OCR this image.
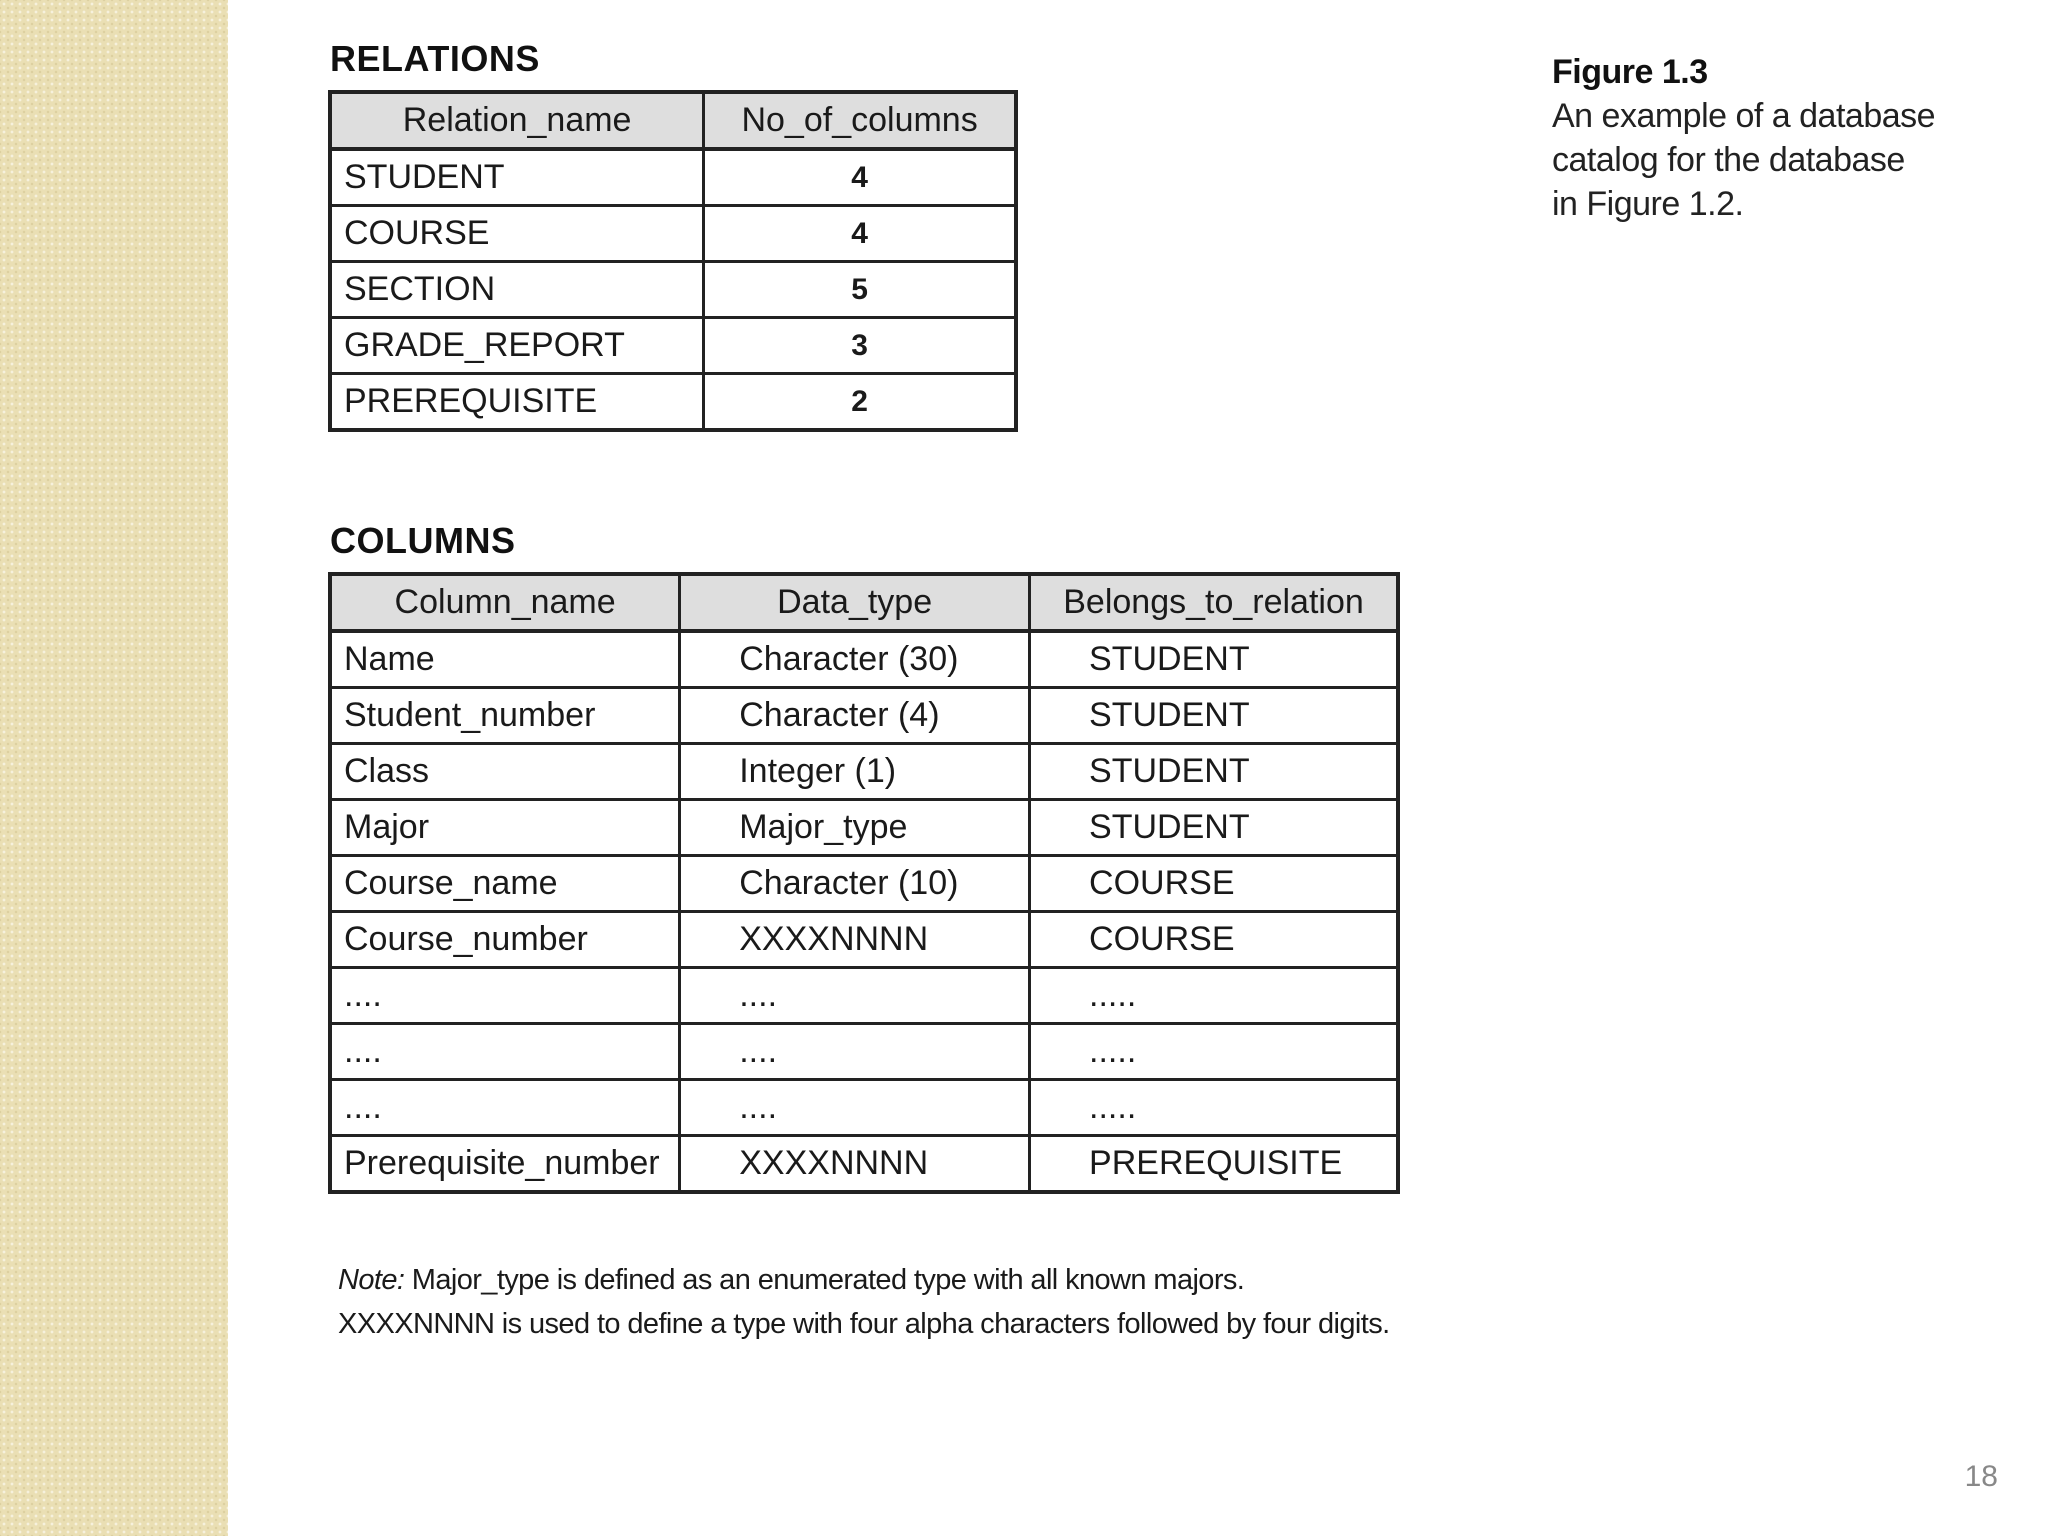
RELATIONS
Relation_name	No_of_columns
STUDENT	4
COURSE	4
SECTION	5
GRADE_REPORT	3
PREREQUISITE	2
COLUMNS
Column_name	Data_type	Belongs_to_relation
Name	Character (30)	STUDENT
Student_number	Character (4)	STUDENT
Class	Integer (1)	STUDENT
Major	Major_type	STUDENT
Course_name	Character (10)	COURSE
Course_number	XXXXNNNN	COURSE
....	....	.....
....	....	.....
....	....	.....
Prerequisite_number	XXXXNNNN	PREREQUISITE
Note: Major_type is defined as an enumerated type with all known majors.
XXXXNNNN is used to define a type with four alpha characters followed by four digits.
Figure 1.3
An example of a database
catalog for the database
in Figure 1.2.
18
